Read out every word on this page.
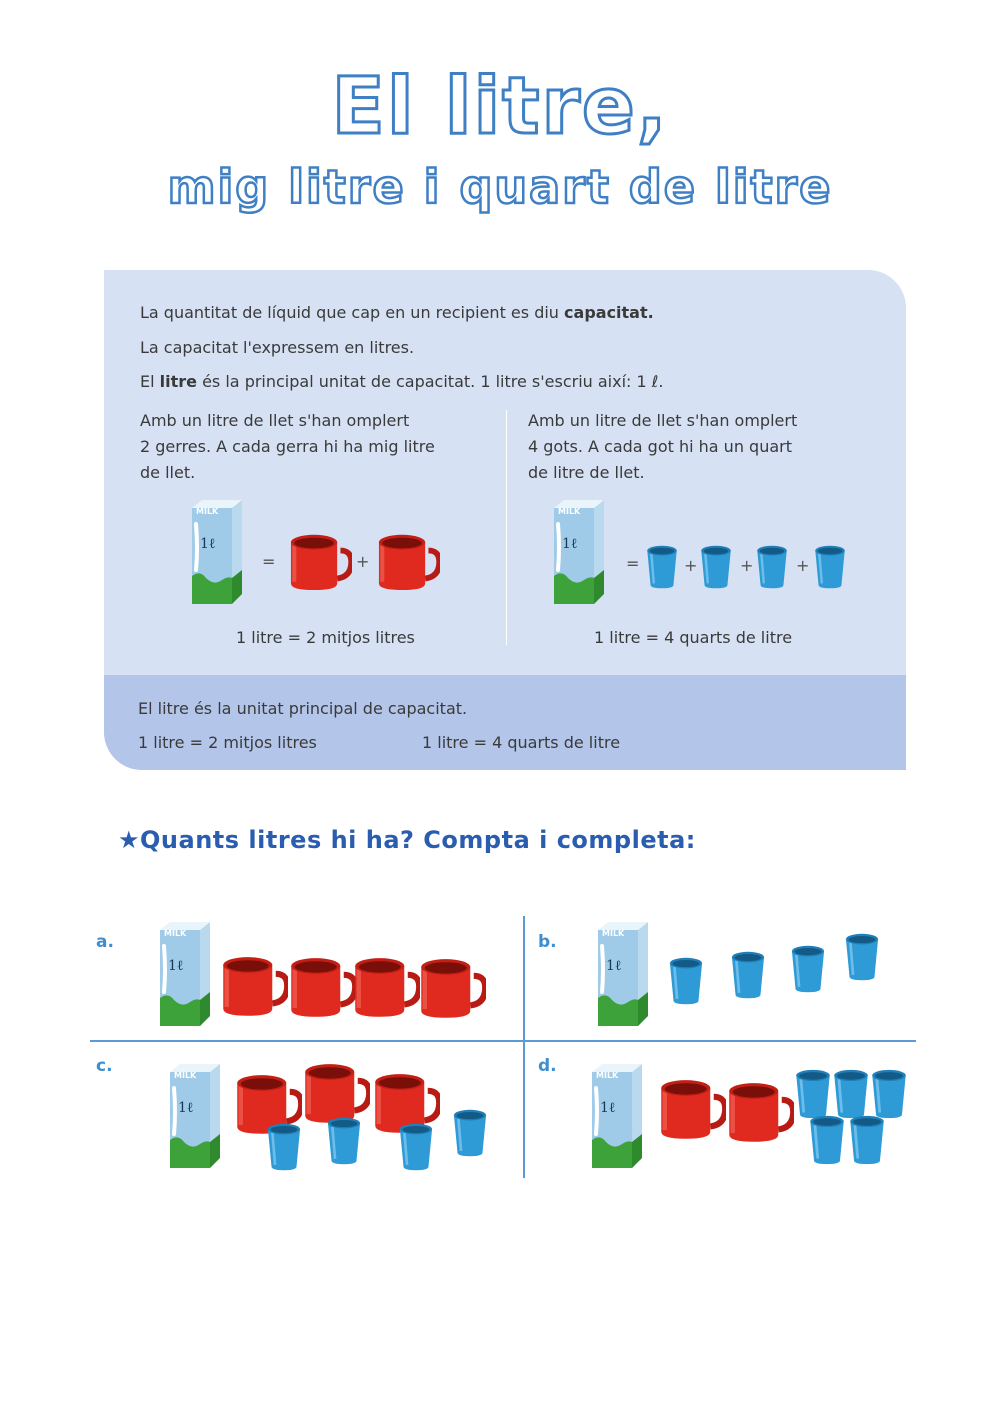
El litre,
mig litre i quart de litre
La quantitat de líquid que cap en un recipient es diu capacitat.
La capacitat l'expressem en litres.
El litre és la principal unitat de capacitat. 1 litre s'escriu així: 1 ℓ.
Amb un litre de llet s'han omplert
2 gerres. A cada gerra hi ha mig litre
de llet.
Amb un litre de llet s'han omplert
4 gots. A cada got hi ha un quart
de litre de llet.
MILK
1ℓ
=	+
MILK
1ℓ
=	+	+	+
1 litre = 2 mitjos litres	1 litre = 4 quarts de litre
El litre és la unitat principal de capacitat.
1 litre = 2 mitjos litres	1 litre = 4 quarts de litre
★Quants litres hi ha? Compta i completa:
a.	MILK
1ℓ
b.	MILK
1ℓ
c.	MILK
1ℓ
d.	MILK
1ℓ
